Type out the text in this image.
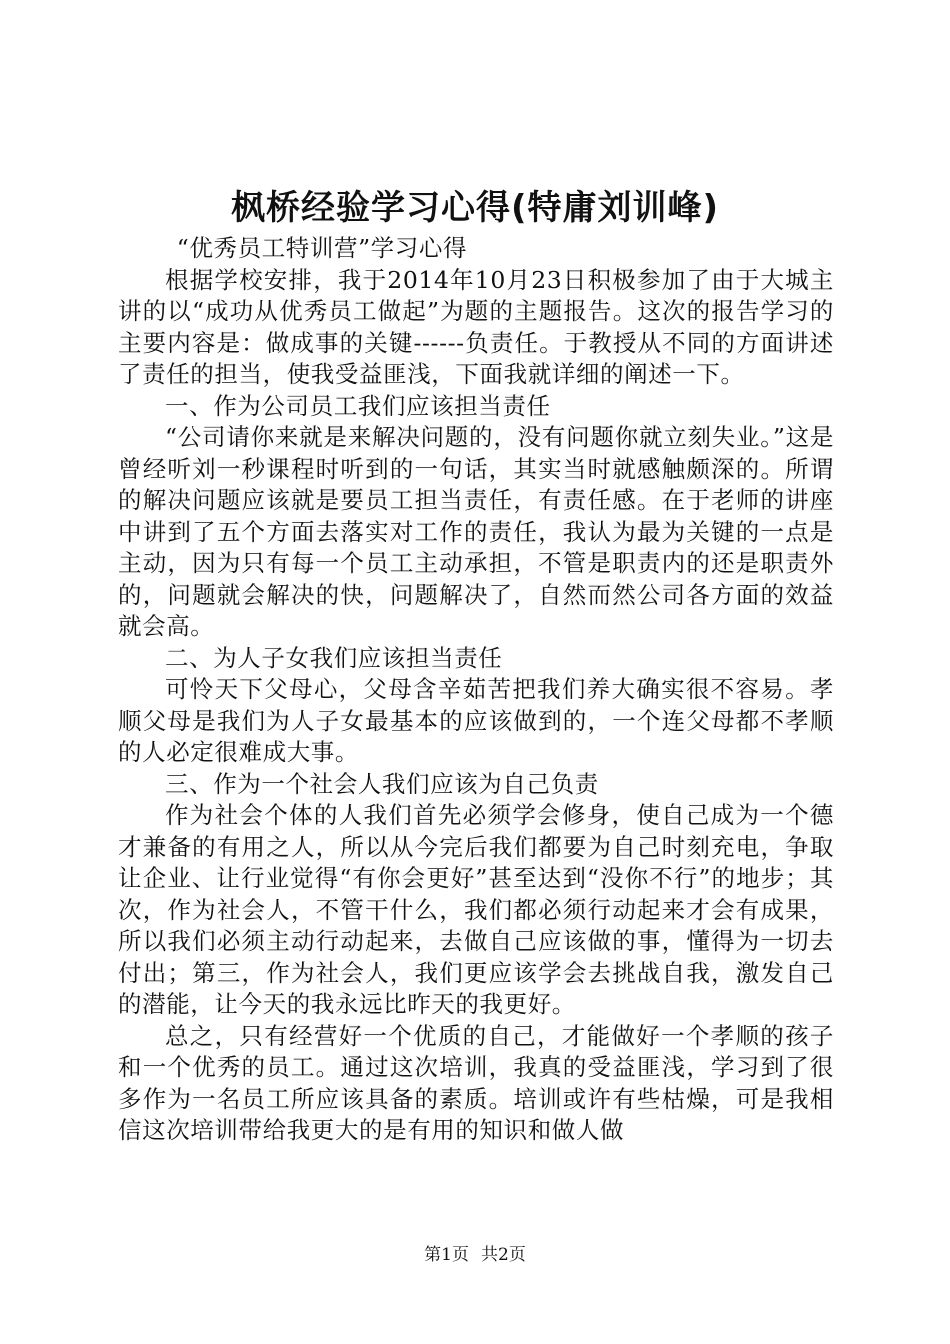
枫桥经验学习心得(特庸刘训峰)

“优秀员工特训营”学习心得

根据学校安排，我于2014年10月23日积极参加了由于大城主讲的以“成功从优秀员工做起”为题的主题报告。这次的报告学习的主要内容是：做成事的关键------负责任。于教授从不同的方面讲述了责任的担当，使我受益匪浅，下面我就详细的阐述一下。

一、作为公司员工我们应该担当责任

“公司请你来就是来解决问题的，没有问题你就立刻失业。”这是曾经听刘一秒课程时听到的一句话，其实当时就感触颇深的。所谓的解决问题应该就是要员工担当责任，有责任感。在于老师的讲座中讲到了五个方面去落实对工作的责任，我认为最为关键的一点是主动，因为只有每一个员工主动承担，不管是职责内的还是职责外的，问题就会解决的快，问题解决了，自然而然公司各方面的效益就会高。

二、为人子女我们应该担当责任

可怜天下父母心，父母含辛茹苦把我们养大确实很不容易。孝顺父母是我们为人子女最基本的应该做到的，一个连父母都不孝顺的人必定很难成大事。

三、作为一个社会人我们应该为自己负责

作为社会个体的人我们首先必须学会修身，使自己成为一个德才兼备的有用之人，所以从今完后我们都要为自己时刻充电，争取让企业、让行业觉得“有你会更好”甚至达到“没你不行”的地步；其次，作为社会人，不管干什么，我们都必须行动起来才会有成果，所以我们必须主动行动起来，去做自己应该做的事，懂得为一切去付出；第三，作为社会人，我们更应该学会去挑战自我，激发自己的潜能，让今天的我永远比昨天的我更好。

总之，只有经营好一个优质的自己，才能做好一个孝顺的孩子和一个优秀的员工。通过这次培训，我真的受益匪浅，学习到了很多作为一名员工所应该具备的素质。培训或许有些枯燥，可是我相信这次培训带给我更大的是有用的知识和做人做

第1页 共2页
